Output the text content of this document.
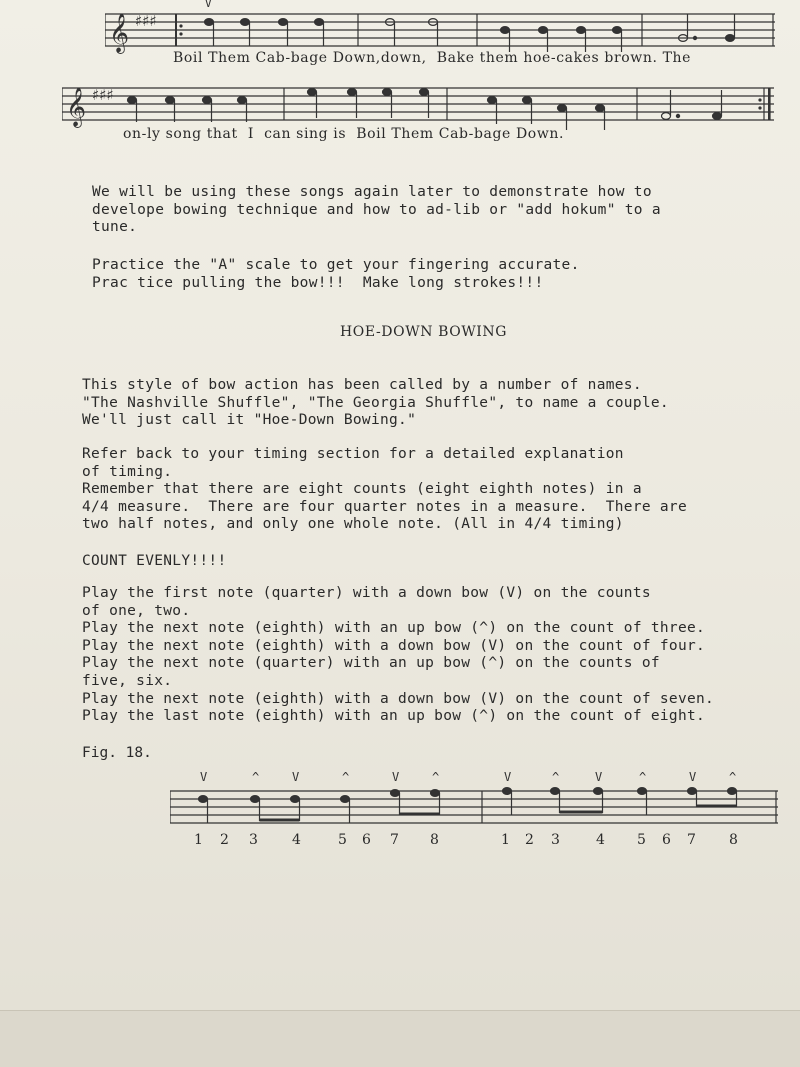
𝄞 ♯♯♯
V
Boil Them Cab-bage Down,down, Bake them hoe-cakes brown. The
𝄞 ♯♯♯
on-ly song that I can sing is Boil Them Cab-bage Down.
We will be using these songs again later to demonstrate how to
develope bowing technique and how to ad-lib or "add hokum" to a
tune.
Practice the "A" scale to get your fingering accurate.
Prac tice pulling the bow!!!  Make long strokes!!!
HOE-DOWN BOWING
This style of bow action has been called by a number of names.
"The Nashville Shuffle", "The Georgia Shuffle", to name a couple.
We'll just call it "Hoe-Down Bowing."
Refer back to your timing section for a detailed explanation
of timing.
Remember that there are eight counts (eight eighth notes) in a
4/4 measure.  There are four quarter notes in a measure.  There are
two half notes, and only one whole note. (All in 4/4 timing)
COUNT EVENLY!!!!
Play the first note (quarter) with a down bow (V) on the counts
of one, two.
Play the next note (eighth) with an up bow (^) on the count of three.
Play the next note (eighth) with a down bow (V) on the count of four.
Play the next note (quarter) with an up bow (^) on the counts of
five, six.
Play the next note (eighth) with a down bow (V) on the count of seven.
Play the last note (eighth) with an up bow (^) on the count of eight.
Fig. 18.
V	^	V	^	V	^	V	^	V	^	V	^
1 2 3 4	5 6 7 8	1 2 3	4 5 6 7 8
